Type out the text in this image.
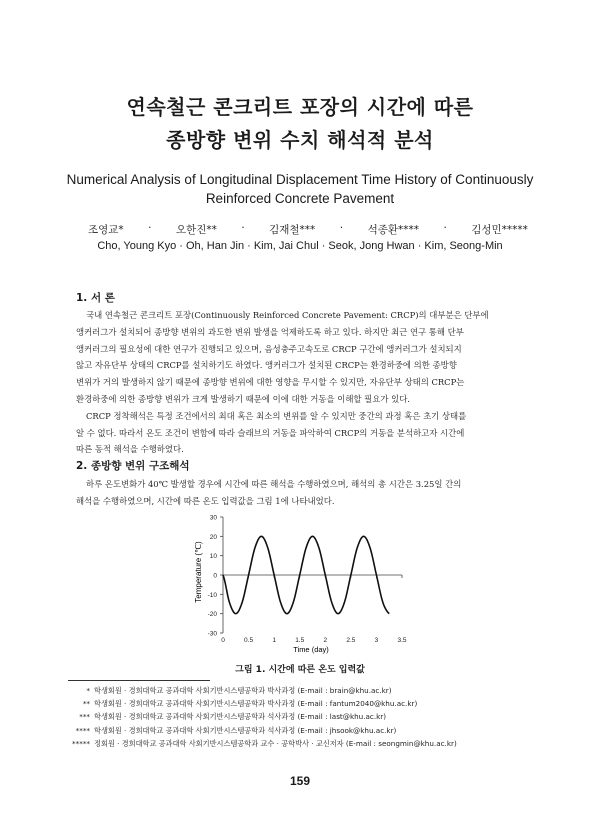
연속철근 콘크리트 포장의 시간에 따른
종방향 변위 수치 해석적 분석
Numerical Analysis of Longitudinal Displacement Time History of Continuously
Reinforced Concrete Pavement
조영교* · 오한진** · 김재철*** · 석종환**** · 김성민*****
Cho, Young Kyo · Oh, Han Jin · Kim, Jai Chul · Seok, Jong Hwan · Kim, Seong-Min
1. 서 론
국내 연속철근 콘크리트 포장(Continuously Reinforced Concrete Pavement: CRCP)의 대부분은 단부에
앵커러그가 설치되어 종방향 변위의 과도한 변위 발생을 억제하도록 하고 있다. 하지만 최근 연구 통해 단부
앵커러그의 필요성에 대한 연구가 진행되고 있으며, 음성충주고속도로 CRCP 구간에 앵커러그가 설치되지
않고 자유단부 상태의 CRCP를 설치하기도 하였다. 앵커러그가 설치된 CRCP는 환경하중에 의한 종방향
변위가 거의 발생하지 않기 때문에 종방향 변위에 대한 영향을 무시할 수 있지만, 자유단부 상태의 CRCP는
환경하중에 의한 종방향 변위가 크게 발생하기 때문에 이에 대한 거동을 이해할 필요가 있다.
CRCP 정착해석은 특정 조건에서의 최대 혹은 최소의 변위를 알 수 있지만 중간의 과정 혹은 초기 상태를
알 수 없다. 따라서 온도 조건이 변함에 따라 슬래브의 거동을 파악하여 CRCP의 거동을 분석하고자 시간에
따른 동적 해석을 수행하였다.
2. 종방향 변위 구조해석
하루 온도변화가 40℃ 발생할 경우에 시간에 따른 해석을 수행하였으며, 해석의 총 시간은 3.25일 간의
해석을 수행하였으며, 시간에 따른 온도 입력값을 그림 1에 나타내었다.
30
20
10
0
-10
-20
-30
0	0.5	1	1.5	2	2.5	3	3.5
Temperature (℃)
Time (day)
그림 1. 시간에 따른 온도 입력값
* 학생회원 · 경희대학교 공과대학 사회기반시스템공학과 박사과정 (E-mail : brain@khu.ac.kr)
** 학생회원 · 경희대학교 공과대학 사회기반시스템공학과 박사과정 (E-mail : fantum2040@khu.ac.kr)
*** 학생회원 · 경희대학교 공과대학 사회기반시스템공학과 석사과정 (E-mail : last@khu.ac.kr)
**** 학생회원 · 경희대학교 공과대학 사회기반시스템공학과 석사과정 (E-mail : jhsook@khu.ac.kr)
***** 정회원 · 경희대학교 공과대학 사회기반시스템공학과 교수 · 공학박사 · 교신저자 (E-mail : seongmin@khu.ac.kr)
159
